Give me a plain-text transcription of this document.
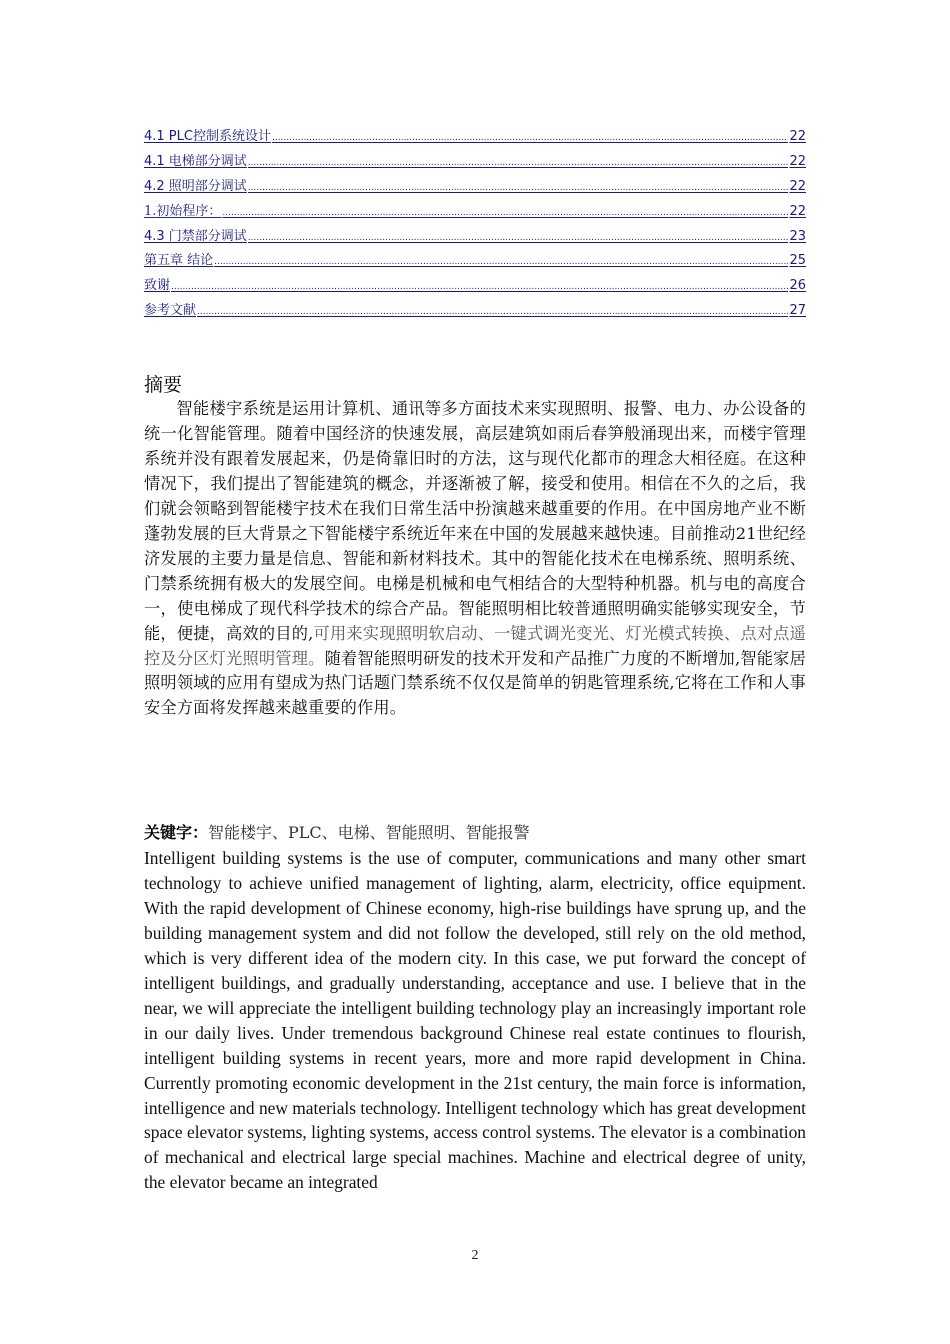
4.1 PLC控制系统设计 .....	22
4.1 电梯部分调试 .....	22
4.2 照明部分调试 .....	22
1.初始程序： .....	22
4.3 门禁部分调试 .....	23
第五章 结论 .....	25
致谢 .....	26
参考文献 .....	27
摘要
智能楼宇系统是运用计算机、通讯等多方面技术来实现照明、报警、电力、办公设备的统一化智能管理。随着中国经济的快速发展，高层建筑如雨后春笋般涌现出来，而楼宇管理系统并没有跟着发展起来，仍是倚靠旧时的方法，这与现代化都市的理念大相径庭。在这种情况下，我们提出了智能建筑的概念，并逐渐被了解，接受和使用。相信在不久的之后，我们就会领略到智能楼宇技术在我们日常生活中扮演越来越重要的作用。在中国房地产业不断蓬勃发展的巨大背景之下智能楼宇系统近年来在中国的发展越来越快速。目前推动21世纪经济发展的主要力量是信息、智能和新材料技术。其中的智能化技术在电梯系统、照明系统、门禁系统拥有极大的发展空间。电梯是机械和电气相结合的大型特种机器。机与电的高度合一，使电梯成了现代科学技术的综合产品。智能照明相比较普通照明确实能够实现安全，节能，便捷，高效的目的,可用来实现照明软启动、一键式调光变光、灯光模式转换、点对点遥控及分区灯光照明管理。随着智能照明研发的技术开发和产品推广力度的不断增加,智能家居照明领域的应用有望成为热门话题门禁系统不仅仅是简单的钥匙管理系统,它将在工作和人事安全方面将发挥越来越重要的作用。
关键字：智能楼宇、PLC、电梯、智能照明、智能报警
Intelligent building systems is the use of computer, communications and many other smart technology to achieve unified management of lighting, alarm, electricity, office equipment. With the rapid development of Chinese economy, high-rise buildings have sprung up, and the building management system and did not follow the developed, still rely on the old method, which is very different idea of the modern city. In this case, we put forward the concept of intelligent buildings, and gradually understanding, acceptance and use. I believe that in the near, we will appreciate the intelligent building technology play an increasingly important role in our daily lives. Under tremendous background Chinese real estate continues to flourish, intelligent building systems in recent years, more and more rapid development in China. Currently promoting economic development in the 21st century, the main force is information, intelligence and new materials technology. Intelligent technology which has great development space elevator systems, lighting systems, access control systems. The elevator is a combination of mechanical and electrical large special machines. Machine and electrical degree of unity, the elevator became an integrated
2
